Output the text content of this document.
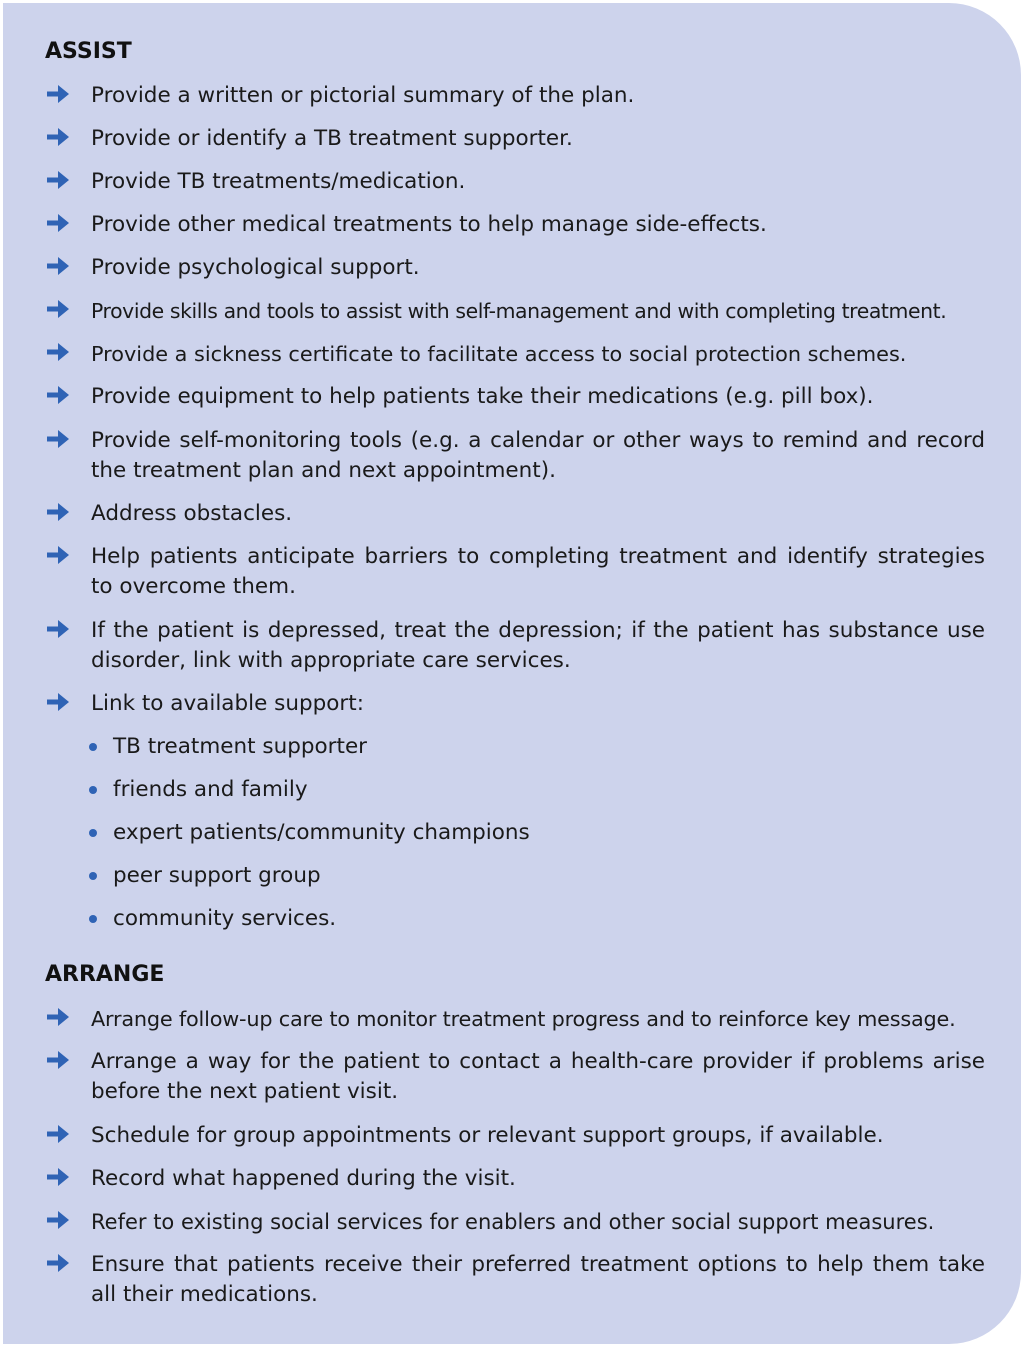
ASSIST
Provide a written or pictorial summary of the plan.
Provide or identify a TB treatment supporter.
Provide TB treatments/medication.
Provide other medical treatments to help manage side-effects.
Provide psychological support.
Provide skills and tools to assist with self-management and with completing treatment.
Provide a sickness certificate to facilitate access to social protection schemes.
Provide equipment to help patients take their medications (e.g. pill box).
Provide self-monitoring tools (e.g. a calendar or other ways to remind and record the treatment plan and next appointment).
Address obstacles.
Help patients anticipate barriers to completing treatment and identify strategies to overcome them.
If the patient is depressed, treat the depression; if the patient has substance use disorder, link with appropriate care services.
Link to available support:
TB treatment supporter
friends and family
expert patients/community champions
peer support group
community services.
ARRANGE
Arrange follow-up care to monitor treatment progress and to reinforce key message.
Arrange a way for the patient to contact a health-care provider if problems arise before the next patient visit.
Schedule for group appointments or relevant support groups, if available.
Record what happened during the visit.
Refer to existing social services for enablers and other social support measures.
Ensure that patients receive their preferred treatment options to help them take all their medications.
